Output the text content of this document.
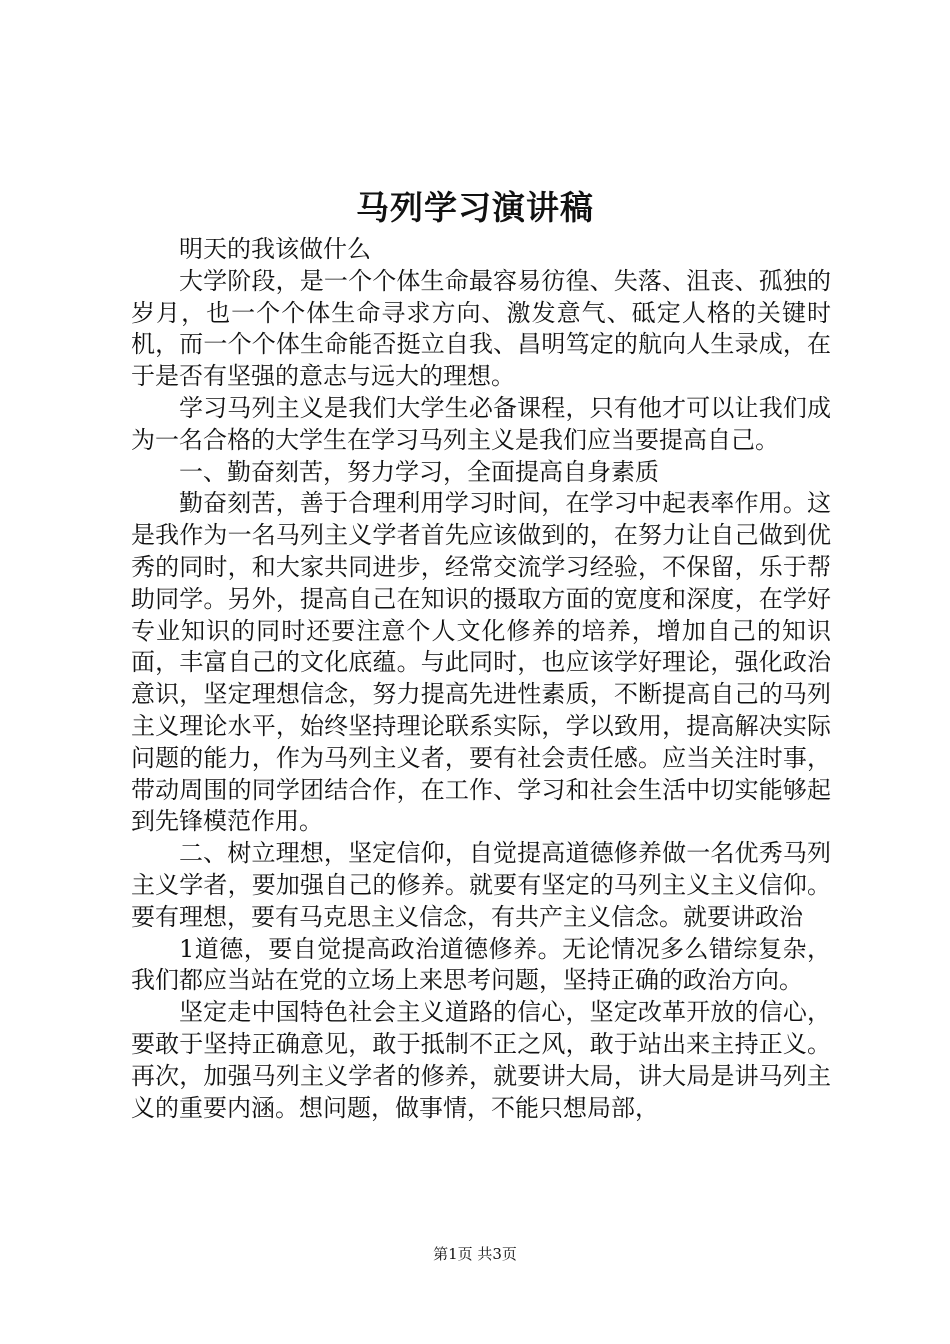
马列学习演讲稿

明天的我该做什么

大学阶段，是一个个体生命最容易彷徨、失落、沮丧、孤独的岁月，也一个个体生命寻求方向、激发意气、砥定人格的关键时机，而一个个体生命能否挺立自我、昌明笃定的航向人生录成，在于是否有坚强的意志与远大的理想。

学习马列主义是我们大学生必备课程，只有他才可以让我们成为一名合格的大学生在学习马列主义是我们应当要提高自己。

一、勤奋刻苦，努力学习，全面提高自身素质

勤奋刻苦，善于合理利用学习时间，在学习中起表率作用。这是我作为一名马列主义学者首先应该做到的，在努力让自己做到优秀的同时，和大家共同进步，经常交流学习经验，不保留，乐于帮助同学。另外，提高自己在知识的摄取方面的宽度和深度，在学好专业知识的同时还要注意个人文化修养的培养，增加自己的知识面，丰富自己的文化底蕴。与此同时，也应该学好理论，强化政治意识，坚定理想信念，努力提高先进性素质，不断提高自己的马列主义理论水平，始终坚持理论联系实际，学以致用，提高解决实际问题的能力，作为马列主义者，要有社会责任感。应当关注时事，带动周围的同学团结合作，在工作、学习和社会生活中切实能够起到先锋模范作用。

二、树立理想，坚定信仰，自觉提高道德修养做一名优秀马列主义学者，要加强自己的修养。就要有坚定的马列主义主义信仰。要有理想，要有马克思主义信念，有共产主义信念。就要讲政治

1道德，要自觉提高政治道德修养。无论情况多么错综复杂，我们都应当站在党的立场上来思考问题，坚持正确的政治方向。

坚定走中国特色社会主义道路的信心，坚定改革开放的信心，要敢于坚持正确意见，敢于抵制不正之风，敢于站出来主持正义。再次，加强马列主义学者的修养，就要讲大局，讲大局是讲马列主义的重要内涵。想问题，做事情，不能只想局部，

第1页 共3页
